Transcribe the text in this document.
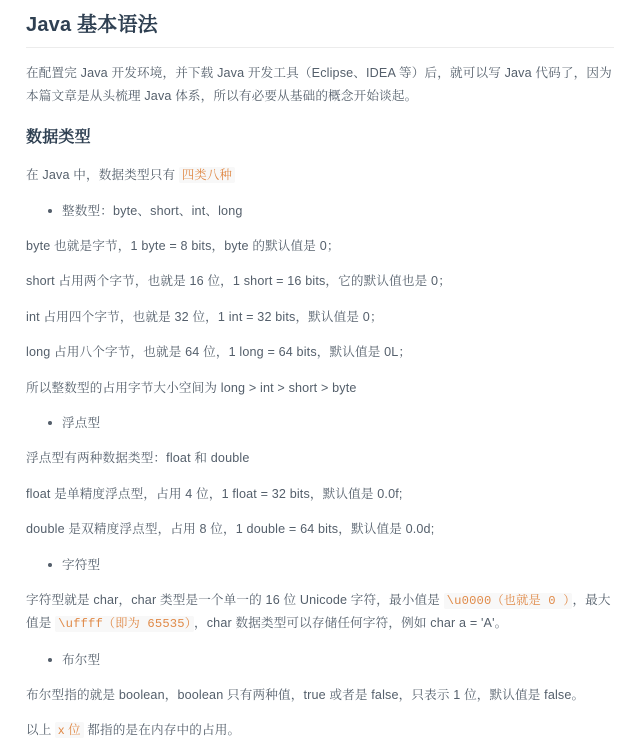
Java 基本语法

在配置完 Java 开发环境，并下载 Java 开发工具（Eclipse、IDEA 等）后，就可以写 Java 代码了，因为本篇文章是从头梳理 Java 体系，所以有必要从基础的概念开始谈起。

数据类型

在 Java 中，数据类型只有 四类八种

整数型：byte、short、int、long

byte 也就是字节，1 byte = 8 bits，byte 的默认值是 0；

short 占用两个字节，也就是 16 位，1 short = 16 bits，它的默认值也是 0；

int 占用四个字节，也就是 32 位，1 int = 32 bits，默认值是 0；

long 占用八个字节，也就是 64 位，1 long = 64 bits，默认值是 0L；

所以整数型的占用字节大小空间为 long > int > short > byte

浮点型

浮点型有两种数据类型：float 和 double

float 是单精度浮点型，占用 4 位，1 float = 32 bits，默认值是 0.0f;

double 是双精度浮点型，占用 8 位，1 double = 64 bits，默认值是 0.0d;

字符型

字符型就是 char，char 类型是一个单一的 16 位 Unicode 字符，最小值是 \u0000（也就是 0 ） ，最大值是 \uffff（即为 65535） ，char 数据类型可以存储任何字符，例如 char a = 'A'。

布尔型

布尔型指的就是 boolean，boolean 只有两种值，true 或者是 false，只表示 1 位，默认值是 false。

以上 x 位 都指的是在内存中的占用。
